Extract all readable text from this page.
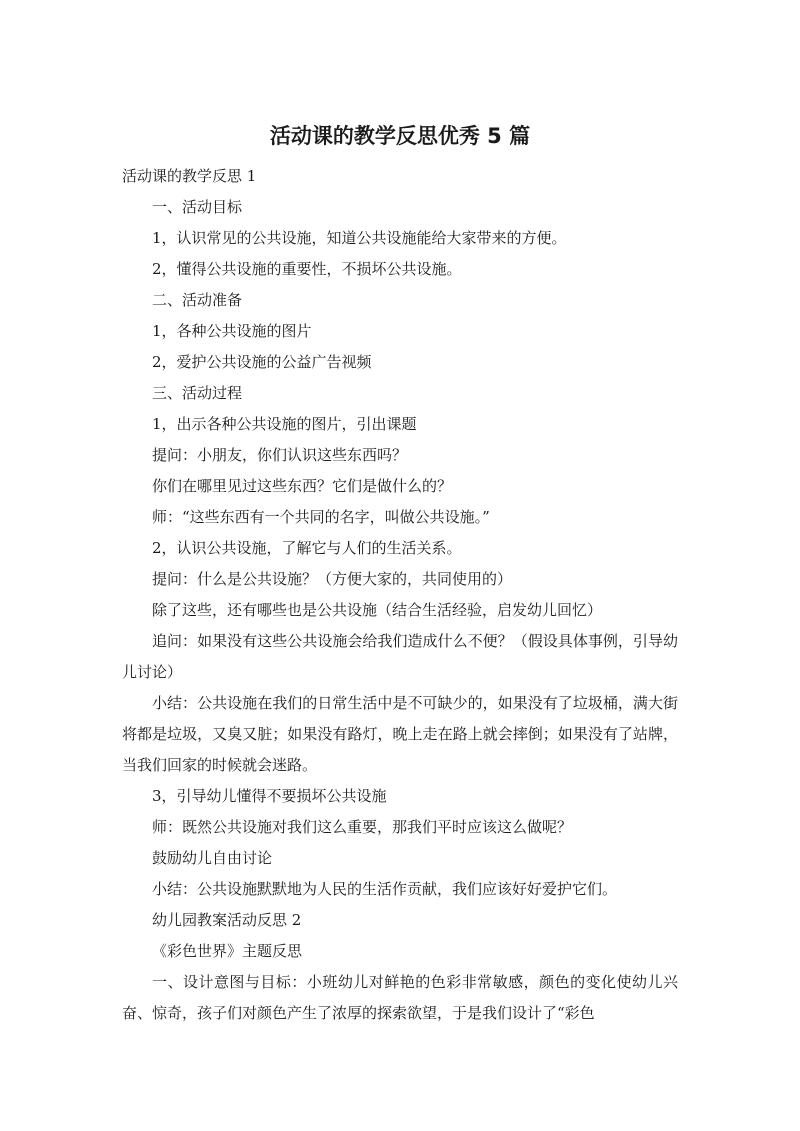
活动课的教学反思优秀 5 篇

活动课的教学反思 1

一、活动目标

1，认识常见的公共设施，知道公共设施能给大家带来的方便。

2，懂得公共设施的重要性，不损坏公共设施。

二、活动准备

1，各种公共设施的图片

2，爱护公共设施的公益广告视频

三、活动过程

1，出示各种公共设施的图片，引出课题

提问：小朋友，你们认识这些东西吗？

你们在哪里见过这些东西？它们是做什么的？

师：“这些东西有一个共同的名字，叫做公共设施。”

2，认识公共设施，了解它与人们的生活关系。

提问：什么是公共设施？（方便大家的，共同使用的）

除了这些，还有哪些也是公共设施（结合生活经验，启发幼儿回忆）

追问：如果没有这些公共设施会给我们造成什么不便？（假设具体事例，引导幼儿讨论）

小结：公共设施在我们的日常生活中是不可缺少的，如果没有了垃圾桶，满大街将都是垃圾，又臭又脏；如果没有路灯，晚上走在路上就会摔倒；如果没有了站牌，当我们回家的时候就会迷路。

3，引导幼儿懂得不要损坏公共设施

师：既然公共设施对我们这么重要，那我们平时应该这么做呢？

鼓励幼儿自由讨论

小结：公共设施默默地为人民的生活作贡献，我们应该好好爱护它们。

幼儿园教案活动反思 2

《彩色世界》主题反思

一、设计意图与目标：小班幼儿对鲜艳的色彩非常敏感，颜色的变化使幼儿兴奋、惊奇，孩子们对颜色产生了浓厚的探索欲望，于是我们设计了“彩色
